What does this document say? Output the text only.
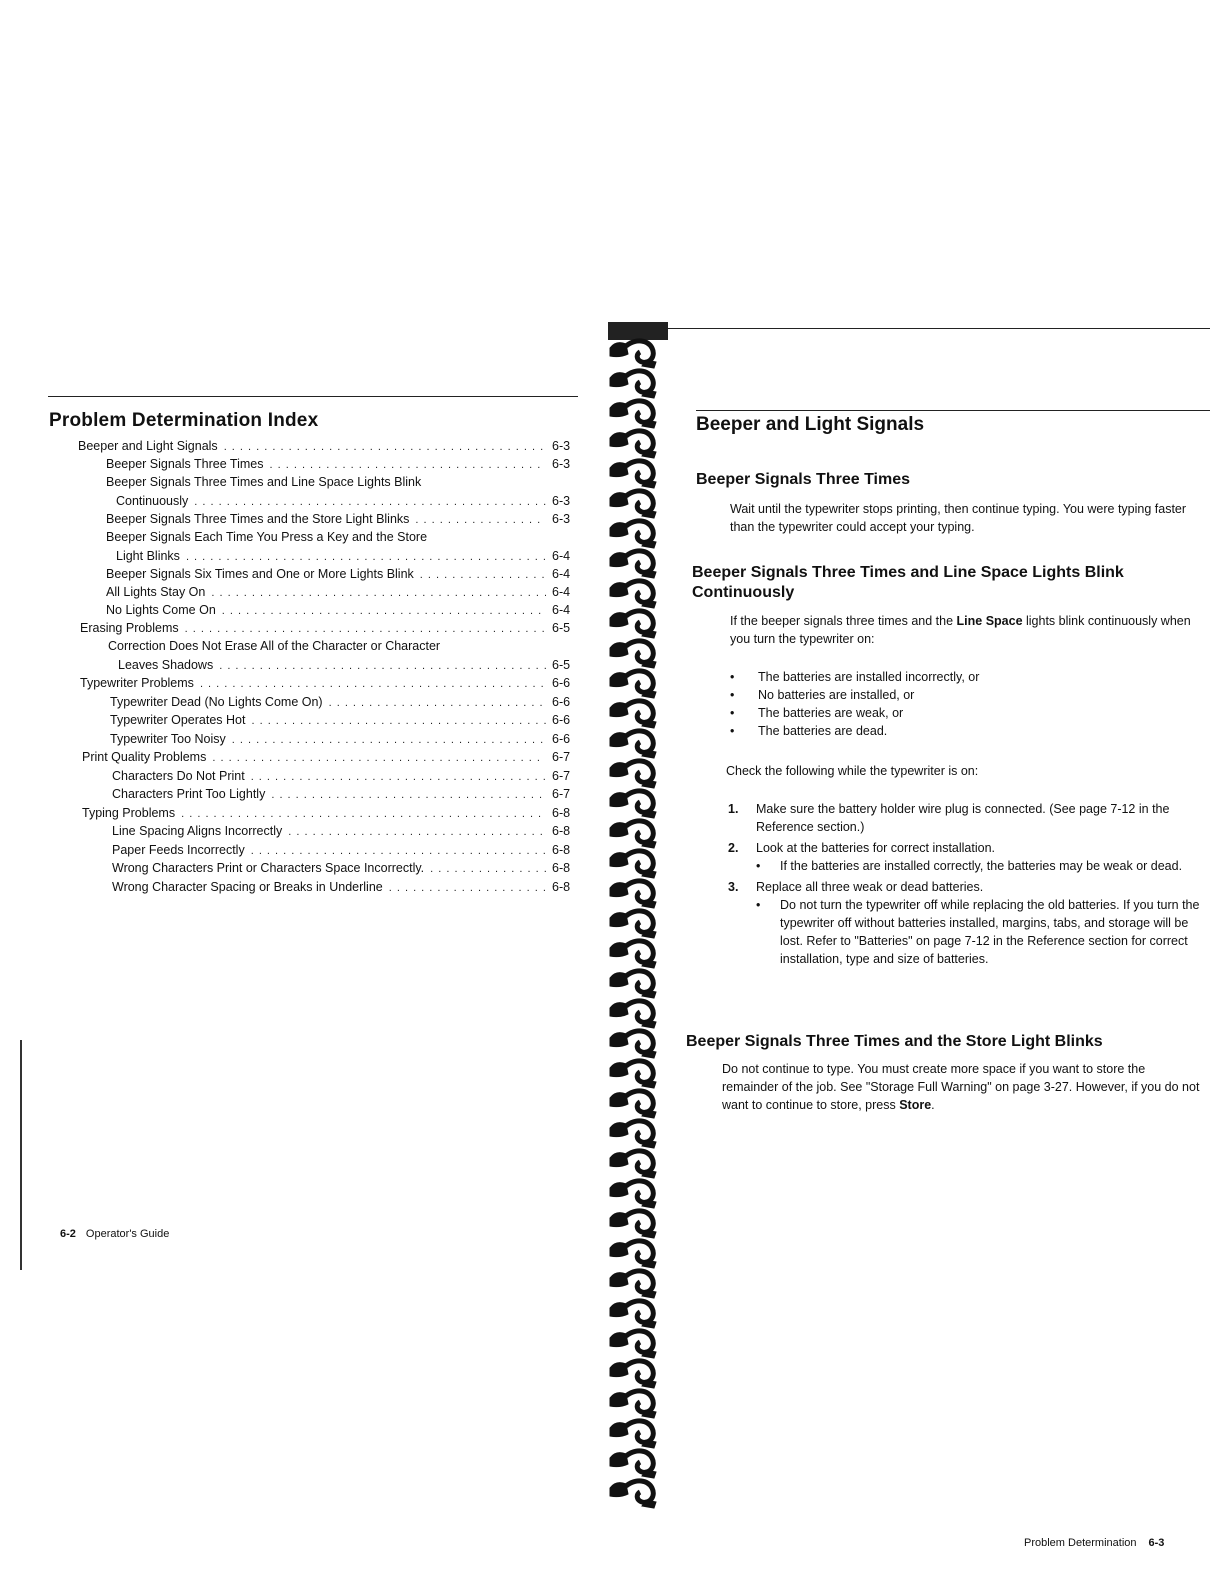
Problem Determination Index
Beeper and Light Signals . . .	6-3
Beeper Signals Three Times . . .	6-3
Beeper Signals Three Times and Line Space Lights Blink
Continuously . . .	6-3
Beeper Signals Three Times and the Store Light Blinks . . .	6-3
Beeper Signals Each Time You Press a Key and the Store
Light Blinks . . .	6-4
Beeper Signals Six Times and One or More Lights Blink . . .	6-4
All Lights Stay On . . .	6-4
No Lights Come On . . .	6-4
Erasing Problems . . .	6-5
Correction Does Not Erase All of the Character or Character
Leaves Shadows . . .	6-5
Typewriter Problems . . .	6-6
Typewriter Dead (No Lights Come On) . . .	6-6
Typewriter Operates Hot . . .	6-6
Typewriter Too Noisy . . .	6-6
Print Quality Problems . . .	6-7
Characters Do Not Print . . .	6-7
Characters Print Too Lightly . . .	6-7
Typing Problems . . .	6-8
Line Spacing Aligns Incorrectly . . .	6-8
Paper Feeds Incorrectly . . .	6-8
Wrong Characters Print or Characters Space Incorrectly. . . .	6-8
Wrong Character Spacing or Breaks in Underline . . .	6-8
6-2 Operator's Guide
Beeper and Light Signals
Beeper Signals Three Times

Wait until the typewriter stops printing, then continue typing. You were typing faster than the typewriter could accept your typing.

Beeper Signals Three Times and Line Space Lights Blink
Continuously

If the beeper signals three times and the Line Space lights blink continuously when you turn the typewriter on:

• The batteries are installed incorrectly, or
• No batteries are installed, or
• The batteries are weak, or
• The batteries are dead.

Check the following while the typewriter is on:

1. Make sure the battery holder wire plug is connected. (See page 7-12 in the Reference section.)
2. Look at the batteries for correct installation.
• If the batteries are installed correctly, the batteries may be weak or dead.
3. Replace all three weak or dead batteries.
• Do not turn the typewriter off while replacing the old batteries. If you turn the typewriter off without batteries installed, margins, tabs, and storage will be lost. Refer to "Batteries" on page 7-12 in the Reference section for correct installation, type and size of batteries.
Beeper Signals Three Times and the Store Light Blinks

Do not continue to type. You must create more space if you want to store the remainder of the job. See "Storage Full Warning" on page 3-27. However, if you do not want to continue to store, press Store.

Problem Determination 6-3
